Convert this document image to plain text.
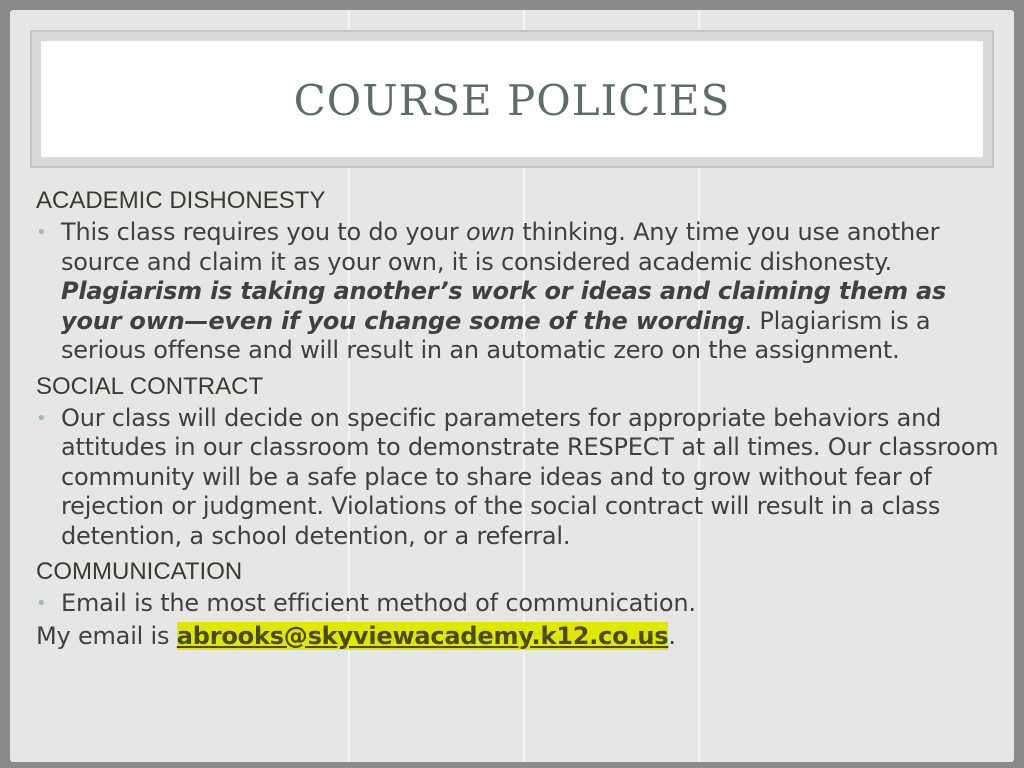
COURSE POLICIES
ACADEMIC DISHONESTY
• This class requires you to do your own thinking. Any time you use another source and claim it as your own, it is considered academic dishonesty. Plagiarism is taking another’s work or ideas and claiming them as your own—even if you change some of the wording. Plagiarism is a serious offense and will result in an automatic zero on the assignment.
SOCIAL CONTRACT
• Our class will decide on specific parameters for appropriate behaviors and attitudes in our classroom to demonstrate RESPECT at all times. Our classroom community will be a safe place to share ideas and to grow without fear of rejection or judgment. Violations of the social contract will result in a class detention, a school detention, or a referral.
COMMUNICATION
• Email is the most efficient method of communication.
My email is abrooks@skyviewacademy.k12.co.us.
